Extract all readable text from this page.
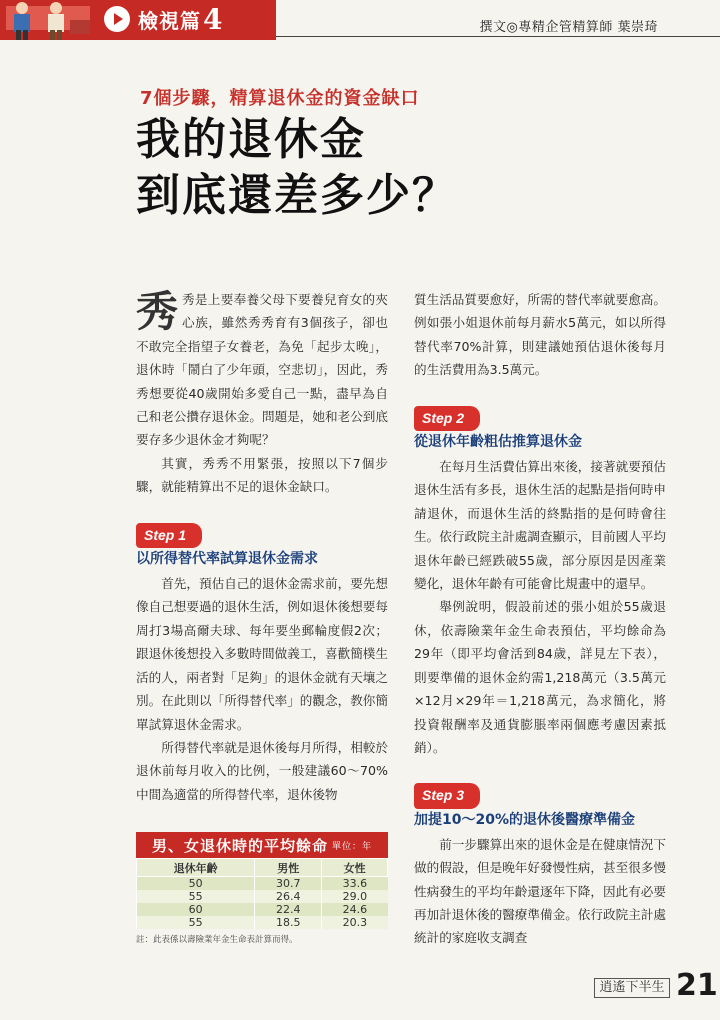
檢視篇 4	撰文◎專精企管精算師 葉崇琦
7個步驟，精算退休金的資金缺口
我的退休金
到底還差多少？

秀秀是上要奉養父母下要養兒育女的夾心族，雖然秀秀育有3個孩子，卻也不敢完全指望子女養老，為免「起步太晚」，退休時「鬧白了少年頭，空悲切」，因此，秀秀想要從40歲開始多愛自己一點，盡早為自己和老公攢存退休金。問題是，她和老公到底要存多少退休金才夠呢？

其實，秀秀不用緊張，按照以下7個步驟，就能精算出不足的退休金缺口。

Step 1
以所得替代率試算退休金需求

首先，預估自己的退休金需求前，要先想像自己想要過的退休生活，例如退休後想要每周打3場高爾夫球、每年要坐郵輪度假2次；跟退休後想投入多數時間做義工，喜歡簡樸生活的人，兩者對「足夠」的退休金就有天壤之別。在此則以「所得替代率」的觀念，教你簡單試算退休金需求。

所得替代率就是退休後每月所得，相較於退休前每月收入的比例，一般建議60～70%中間為適當的所得替代率，退休後物

質生活品質要愈好，所需的替代率就要愈高。例如張小姐退休前每月薪水5萬元，如以所得替代率70%計算，則建議她預估退休後每月的生活費用為3.5萬元。

Step 2
從退休年齡粗估推算退休金

在每月生活費估算出來後，接著就要預估退休生活有多長，退休生活的起點是指何時申請退休，而退休生活的終點指的是何時會往生。依行政院主計處調查顯示，目前國人平均退休年齡已經跌破55歲，部分原因是因產業變化，退休年齡有可能會比規畫中的還早。

舉例說明，假設前述的張小姐於55歲退休，依壽險業年金生命表預估，平均餘命為29年（即平均會活到84歲，詳見左下表），則要準備的退休金約需1,218萬元（3.5萬元×12月×29年＝1,218萬元，為求簡化，將投資報酬率及通貨膨脹率兩個應考慮因素抵銷）。

Step 3
加提10～20%的退休後醫療準備金

前一步驟算出來的退休金是在健康情況下做的假設，但是晚年好發慢性病，甚至很多慢性病發生的平均年齡還逐年下降，因此有必要再加計退休後的醫療準備金。依行政院主計處統計的家庭收支調查

男、女退休時的平均餘命 單位：年
退休年齡	男性	女性
50	30.7	33.6
55	26.4	29.0
60	22.4	24.6
55	18.5	20.3
註：此表係以壽險業年金生命表計算而得。
逍遙下半生 21
